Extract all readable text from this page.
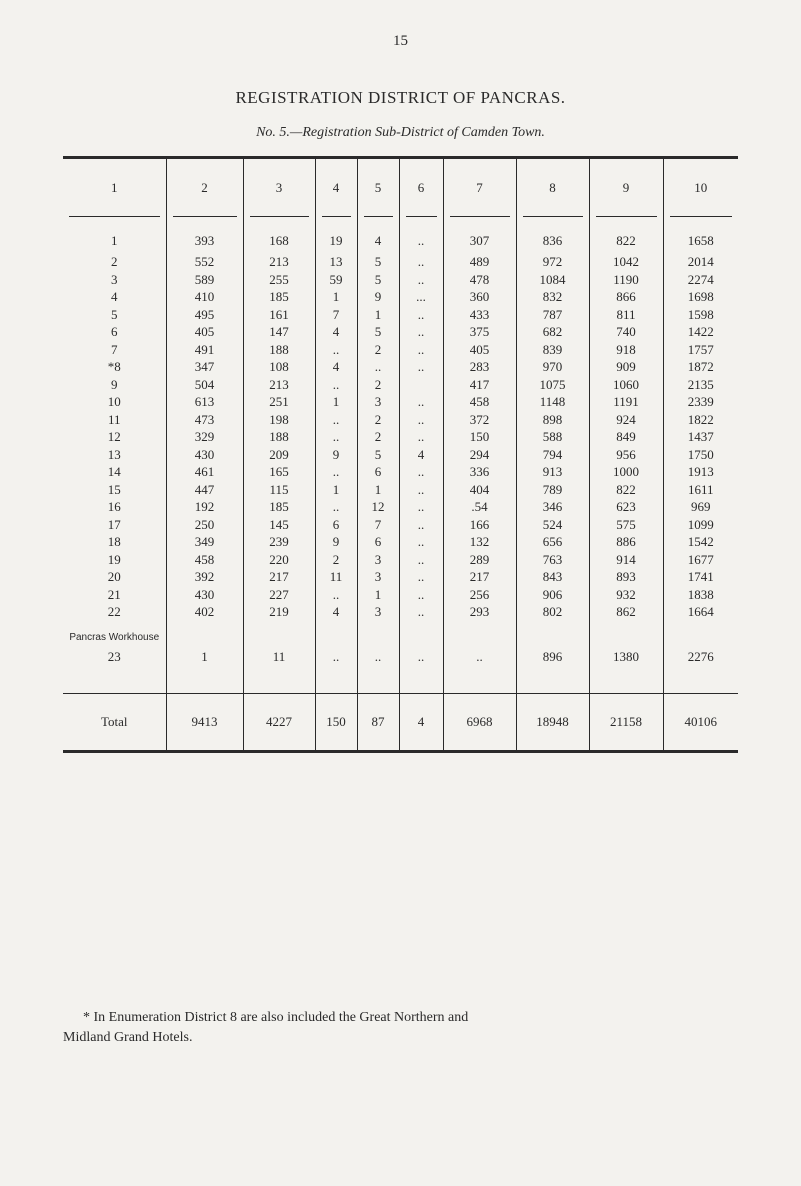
15
REGISTRATION DISTRICT OF PANCRAS.
No. 5.—Registration Sub-District of Camden Town.
1	2	3	4	5	6	7	8	9	10

1	393	168	19	4	..	307	836	822	1658
2	552	213	13	5	..	489	972	1042	2014
3	589	255	59	5	..	478	1084	1190	2274
4	410	185	1	9	...	360	832	866	1698
5	495	161	7	1	..	433	787	811	1598
6	405	147	4	5	..	375	682	740	1422
7	491	188	..	2	..	405	839	918	1757
*8	347	108	4	..	..	283	970	909	1872
9	504	213	..	2		417	1075	1060	2135
10	613	251	1	3	..	458	1148	1191	2339
11	473	198	..	2	..	372	898	924	1822
12	329	188	..	2	..	150	588	849	1437
13	430	209	9	5	4	294	794	956	1750
14	461	165	..	6	..	336	913	1000	1913
15	447	115	1	1	..	404	789	822	1611
16	192	185	..	12	..	.54	346	623	969
17	250	145	6	7	..	166	524	575	1099
18	349	239	9	6	..	132	656	886	1542
19	458	220	2	3	..	289	763	914	1677
20	392	217	11	3	..	217	843	893	1741
21	430	227	..	1	..	256	906	932	1838
22	402	219	4	3	..	293	802	862	1664
Pancras Workhouse									
23	1	11	..	..	..	..	896	1380	2276

Total	9413	4227	150	87	4	6968	18948	21158	40106

* In Enumeration District 8 are also included the Great Northern and
Midland Grand Hotels.
